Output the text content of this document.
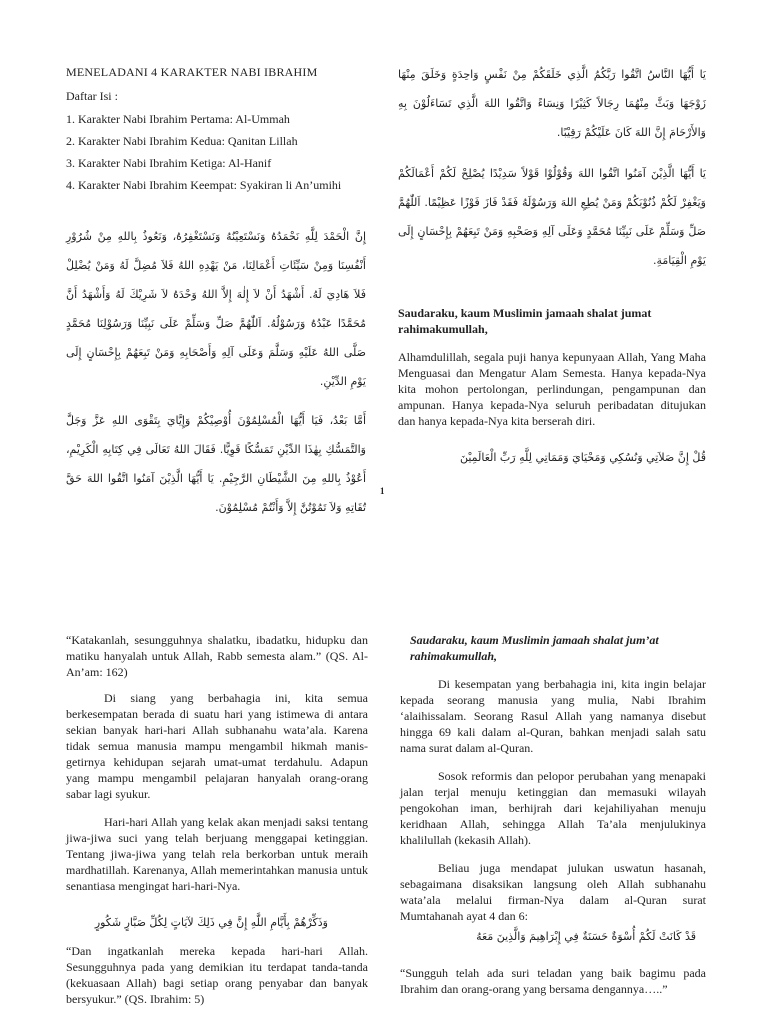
MENELADANI 4 KARAKTER NABI IBRAHIM

Daftar Isi :

1. Karakter Nabi Ibrahim Pertama: Al-Ummah

2. Karakter Nabi Ibrahim Kedua: Qanitan Lillah

3. Karakter Nabi Ibrahim Ketiga: Al-Hanif

4. Karakter Nabi Ibrahim Keempat: Syakiran li An’umihi

إِنَّ الْحَمْدَ لِلَّهِ نَحْمَدُهُ وَنَسْتَعِيْنُهُ وَنَسْتَغْفِرُهُ، وَنَعُوذُ بِاللهِ مِنْ شُرُوْرِ أَنْفُسِنَا وَمِنْ سَيِّئَاتِ أَعْمَالِنَا، مَنْ يَهْدِهِ اللهُ فَلاَ مُضِلَّ لَهُ وَمَنْ يُضْلِلْ فَلاَ هَادِيَ لَهُ. أَشْهَدُ أَنْ لاَ إِلٰهَ إِلاَّ اللهُ وَحْدَهُ لاَ شَرِيْكَ لَهُ وَأَشْهَدُ أَنَّ مُحَمَّدًا عَبْدُهُ وَرَسُوْلُهُ. اَللّٰهُمَّ صَلِّ وَسَلِّمْ عَلَى نَبِيِّنَا وَرَسُوْلِنَا مُحَمَّدٍ صَلَّى اللهُ عَلَيْهِ وَسَلَّمَ وَعَلَى آلِهِ وَأَصْحَابِهِ وَمَنْ تَبِعَهُمْ بِإِحْسَانٍ إِلَى يَوْمِ الدِّيْنِ.

أَمَّا بَعْدُ، فَيَا أَيُّهَا الْمُسْلِمُوْنَ أُوْصِيْكُمْ وَإِيَّايَ بِتَقْوَى اللهِ عَزَّ وَجَلَّ وَالتَّمَسُّكِ بِهٰذَا الدِّيْنِ تَمَسُّكًا قَوِيًّا. فَقَالَ اللهُ تَعَالَى فِي كِتَابِهِ الْكَرِيْمِ، أَعُوْذُ بِاللهِ مِنَ الشَّيْطَانِ الرَّجِيْمِ. يَا أَيُّهَا الَّذِيْنَ آمَنُوا اتَّقُوا اللهَ حَقَّ تُقَاتِهِ وَلاَ تَمُوْتُنَّ إِلاَّ وَأَنْتُمْ مُسْلِمُوْنَ.

يَا أَيُّهَا النَّاسُ اتَّقُوا رَبَّكُمُ الَّذِي خَلَقَكُمْ مِنْ نَفْسٍ وَاحِدَةٍ وَخَلَقَ مِنْهَا زَوْجَهَا وَبَثَّ مِنْهُمَا رِجَالاً كَثِيْرًا وَنِسَاءً وَاتَّقُوا اللهَ الَّذِي تَسَاءَلُوْنَ بِهِ وَالأَرْحَامَ إِنَّ اللهَ كَانَ عَلَيْكُمْ رَقِيْبًا.

يَا أَيُّهَا الَّذِيْنَ آمَنُوا اتَّقُوا اللهَ وَقُوْلُوْا قَوْلاً سَدِيْدًا يُصْلِحْ لَكُمْ أَعْمَالَكُمْ وَيَغْفِرْ لَكُمْ ذُنُوْبَكُمْ وَمَنْ يُطِعِ اللهَ وَرَسُوْلَهُ فَقَدْ فَازَ فَوْزًا عَظِيْمًا. اَللّٰهُمَّ صَلِّ وَسَلِّمْ عَلَى نَبِيِّنَا مُحَمَّدٍ وَعَلَى آلِهِ وَصَحْبِهِ وَمَنْ تَبِعَهُمْ بِإِحْسَانٍ إِلَى يَوْمِ الْقِيَامَةِ.

Saudaraku, kaum Muslimin jamaah shalat jumat rahimakumullah,

Alhamdulillah, segala puji hanya kepunyaan Allah, Yang Maha Menguasai dan Mengatur Alam Semesta. Hanya kepada-Nya kita mohon pertolongan, perlindungan, pengampunan dan ampunan. Hanya kepada-Nya seluruh peribadatan ditujukan dan hanya kepada-Nya kita berserah diri.

قُلْ إِنَّ صَلاَتِي وَنُسُكِي وَمَحْيَايَ وَمَمَاتِي لِلَّهِ رَبِّ الْعَالَمِيْنَ

1

“Katakanlah, sesungguhnya shalatku, ibadatku, hidupku dan matiku hanyalah untuk Allah, Rabb semesta alam.” (QS. Al-An’am: 162)

Di siang yang berbahagia ini, kita semua berkesempatan berada di suatu hari yang istimewa di antara sekian banyak hari-hari Allah subhanahu wata’ala. Karena tidak semua manusia mampu mengambil hikmah manis-getirnya kehidupan sejarah umat-umat terdahulu. Adapun yang mampu mengambil pelajaran hanyalah orang-orang sabar lagi syukur.

Hari-hari Allah yang kelak akan menjadi saksi tentang jiwa-jiwa suci yang telah berjuang menggapai ketinggian. Tentang jiwa-jiwa yang telah rela berkorban untuk meraih mardhatillah. Karenanya, Allah memerintahkan manusia untuk senantiasa mengingat hari-hari-Nya.

وَذَكِّرْهُمْ بِأَيَّامِ اللَّهِ إِنَّ فِي ذَلِكَ لآيَاتٍ لِكُلِّ صَبَّارٍ شَكُورٍ

“Dan ingatkanlah mereka kepada hari-hari Allah. Sesungguhnya pada yang demikian itu terdapat tanda-tanda (kekuasaan Allah) bagi setiap orang penyabar dan banyak bersyukur.” (QS. Ibrahim: 5)

Saudaraku, kaum Muslimin jamaah shalat jum’at rahimakumullah,

Di kesempatan yang berbahagia ini, kita ingin belajar kepada seorang manusia yang mulia, Nabi Ibrahim ‘alaihissalam. Seorang Rasul Allah yang namanya disebut hingga 69 kali dalam al-Quran, bahkan menjadi salah satu nama surat dalam al-Quran.

Sosok reformis dan pelopor perubahan yang menapaki jalan terjal menuju ketinggian dan memasuki wilayah pengokohan iman, berhijrah dari kejahiliyahan menuju keridhaan Allah, sehingga Allah Ta’ala menjulukinya khalilullah (kekasih Allah).

Beliau juga mendapat julukan uswatun hasanah, sebagaimana disaksikan langsung oleh Allah subhanahu wata’ala melalui firman-Nya dalam al-Quran surat Mumtahanah ayat 4 dan 6:

قَدْ كَانَتْ لَكُمْ أُسْوَةٌ حَسَنَةٌ فِي إِبْرَاهِيمَ وَالَّذِينَ مَعَهُ

“Sungguh telah ada suri teladan yang baik bagimu pada Ibrahim dan orang-orang yang bersama dengannya…..”
